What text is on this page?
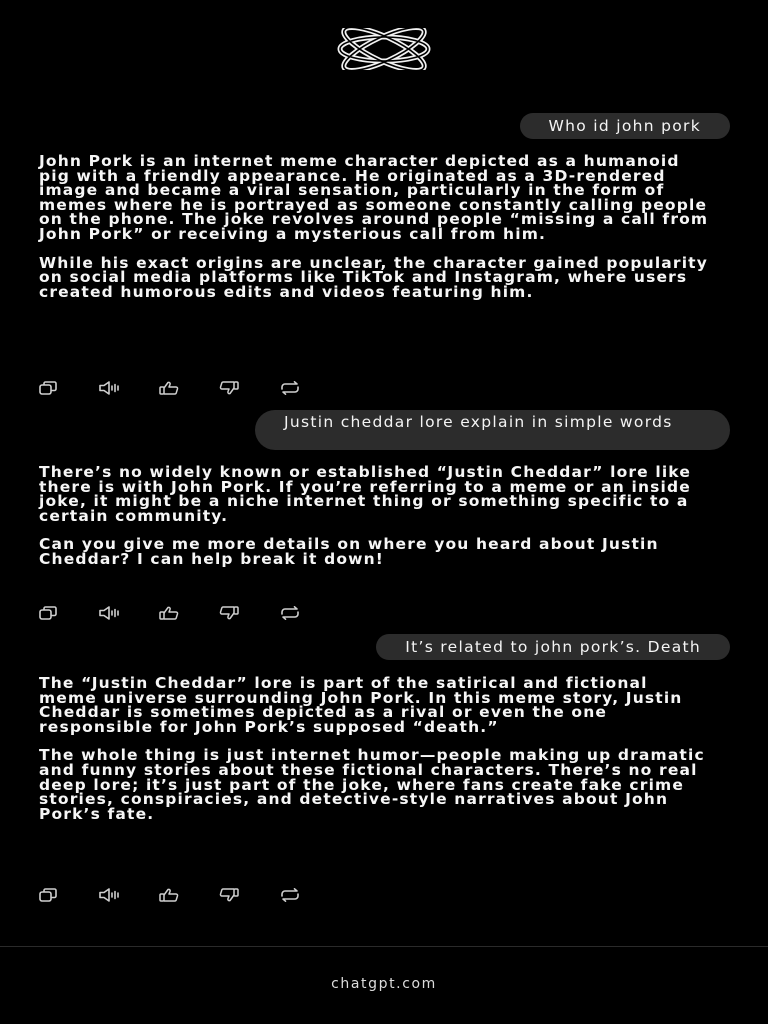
Who id john pork

John Pork is an internet meme character depicted as a humanoid pig with a friendly appearance. He originated as a 3D-rendered image and became a viral sensation, particularly in the form of memes where he is portrayed as someone constantly calling people on the phone. The joke revolves around people “missing a call from John Pork” or receiving a mysterious call from him.

While his exact origins are unclear, the character gained popularity on social media platforms like TikTok and Instagram, where users created humorous edits and videos featuring him.

Justin cheddar lore explain in simple words

There’s no widely known or established “Justin Cheddar” lore like there is with John Pork. If you’re referring to a meme or an inside joke, it might be a niche internet thing or something specific to a certain community.

Can you give me more details on where you heard about Justin Cheddar? I can help break it down!

It’s related to john pork’s. Death

The “Justin Cheddar” lore is part of the satirical and fictional meme universe surrounding John Pork. In this meme story, Justin Cheddar is sometimes depicted as a rival or even the one responsible for John Pork’s supposed “death.”

The whole thing is just internet humor—people making up dramatic and funny stories about these fictional characters. There’s no real deep lore; it’s just part of the joke, where fans create fake crime stories, conspiracies, and detective-style narratives about John Pork’s fate.

chatgpt.com
